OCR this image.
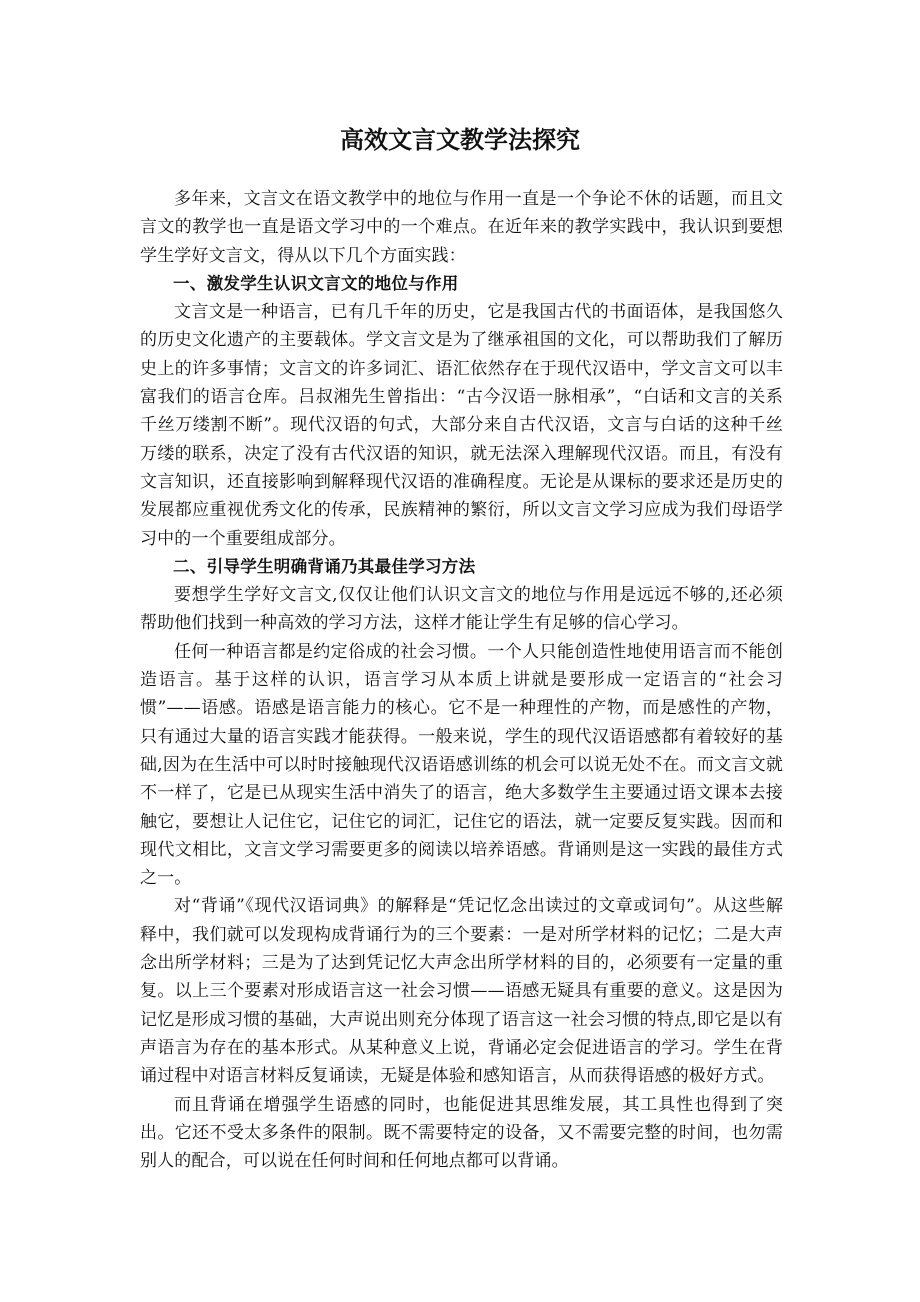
高效文言文教学法探究

多年来，文言文在语文教学中的地位与作用一直是一个争论不休的话题，而且文言文的教学也一直是语文学习中的一个难点。在近年来的教学实践中，我认识到要想学生学好文言文，得从以下几个方面实践：

一、激发学生认识文言文的地位与作用

文言文是一种语言，已有几千年的历史，它是我国古代的书面语体，是我国悠久的历史文化遗产的主要载体。学文言文是为了继承祖国的文化，可以帮助我们了解历史上的许多事情；文言文的许多词汇、语汇依然存在于现代汉语中，学文言文可以丰富我们的语言仓库。吕叔湘先生曾指出：“古今汉语一脉相承”，“白话和文言的关系千丝万缕割不断”。现代汉语的句式，大部分来自古代汉语，文言与白话的这种千丝万缕的联系，决定了没有古代汉语的知识，就无法深入理解现代汉语。而且，有没有文言知识，还直接影响到解释现代汉语的准确程度。无论是从课标的要求还是历史的发展都应重视优秀文化的传承，民族精神的繁衍，所以文言文学习应成为我们母语学习中的一个重要组成部分。

二、引导学生明确背诵乃其最佳学习方法

要想学生学好文言文,仅仅让他们认识文言文的地位与作用是远远不够的,还必须帮助他们找到一种高效的学习方法，这样才能让学生有足够的信心学习。

任何一种语言都是约定俗成的社会习惯。一个人只能创造性地使用语言而不能创造语言。基于这样的认识，语言学习从本质上讲就是要形成一定语言的“社会习惯”——语感。语感是语言能力的核心。它不是一种理性的产物，而是感性的产物，只有通过大量的语言实践才能获得。一般来说，学生的现代汉语语感都有着较好的基础,因为在生活中可以时时接触现代汉语语感训练的机会可以说无处不在。而文言文就不一样了，它是已从现实生活中消失了的语言，绝大多数学生主要通过语文课本去接触它，要想让人记住它，记住它的词汇，记住它的语法，就一定要反复实践。因而和现代文相比，文言文学习需要更多的阅读以培养语感。背诵则是这一实践的最佳方式之一。

对“背诵”《现代汉语词典》的解释是“凭记忆念出读过的文章或词句”。从这些解释中，我们就可以发现构成背诵行为的三个要素：一是对所学材料的记忆；二是大声念出所学材料；三是为了达到凭记忆大声念出所学材料的目的，必须要有一定量的重复。以上三个要素对形成语言这一社会习惯——语感无疑具有重要的意义。这是因为记忆是形成习惯的基础，大声说出则充分体现了语言这一社会习惯的特点,即它是以有声语言为存在的基本形式。从某种意义上说，背诵必定会促进语言的学习。学生在背诵过程中对语言材料反复诵读，无疑是体验和感知语言，从而获得语感的极好方式。

而且背诵在增强学生语感的同时，也能促进其思维发展，其工具性也得到了突出。它还不受太多条件的限制。既不需要特定的设备，又不需要完整的时间，也勿需别人的配合，可以说在任何时间和任何地点都可以背诵。
